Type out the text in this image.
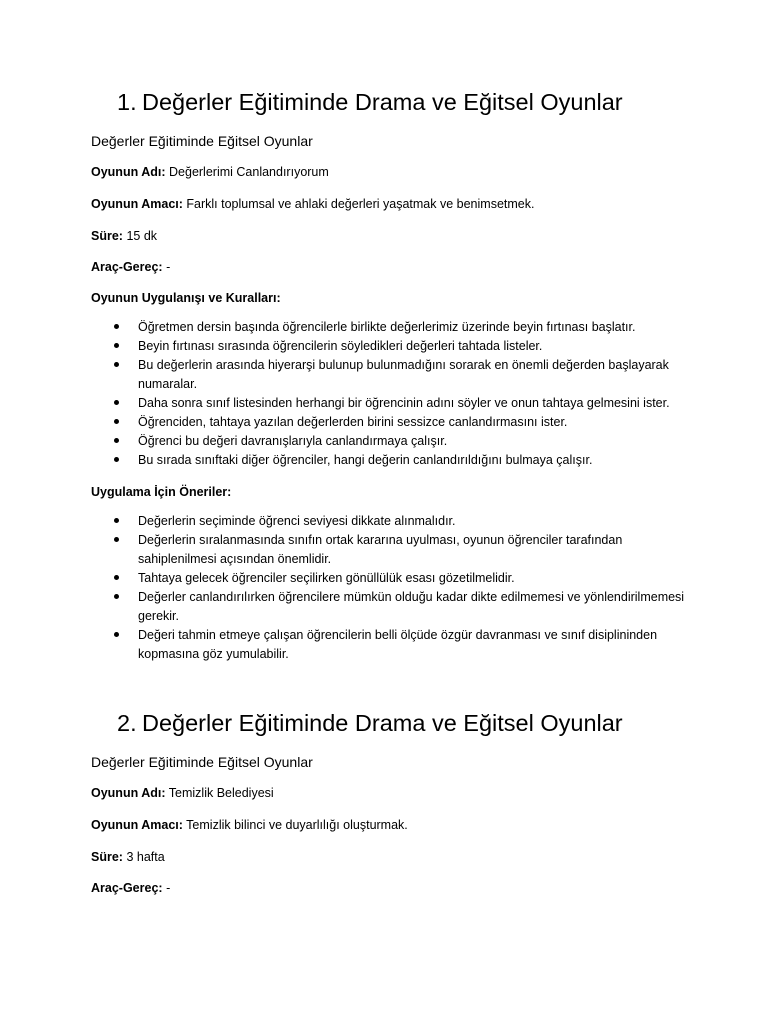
1. Değerler Eğitiminde Drama ve Eğitsel Oyunlar
Değerler Eğitiminde Eğitsel Oyunlar

Oyunun Adı: Değerlerimi Canlandırıyorum

Oyunun Amacı: Farklı toplumsal ve ahlaki değerleri yaşatmak ve benimsetmek.

Süre: 15 dk

Araç-Gereç: -

Oyunun Uygulanışı ve Kuralları:

Öğretmen dersin başında öğrencilerle birlikte değerlerimiz üzerinde beyin fırtınası başlatır.
Beyin fırtınası sırasında öğrencilerin söyledikleri değerleri tahtada listeler.
Bu değerlerin arasında hiyerarşi bulunup bulunmadığını sorarak en önemli değerden başlayarak numaralar.
Daha sonra sınıf listesinden herhangi bir öğrencinin adını söyler ve onun tahtaya gelmesini ister.
Öğrenciden, tahtaya yazılan değerlerden birini sessizce canlandırmasını ister.
Öğrenci bu değeri davranışlarıyla canlandırmaya çalışır.
Bu sırada sınıftaki diğer öğrenciler, hangi değerin canlandırıldığını bulmaya çalışır.

Uygulama İçin Öneriler:

Değerlerin seçiminde öğrenci seviyesi dikkate alınmalıdır.
Değerlerin sıralanmasında sınıfın ortak kararına uyulması, oyunun öğrenciler tarafından sahiplenilmesi açısından önemlidir.
Tahtaya gelecek öğrenciler seçilirken gönüllülük esası gözetilmelidir.
Değerler canlandırılırken öğrencilere mümkün olduğu kadar dikte edilmemesi ve yönlendirilmemesi gerekir.
Değeri tahmin etmeye çalışan öğrencilerin belli ölçüde özgür davranması ve sınıf disiplininden kopmasına göz yumulabilir.
2. Değerler Eğitiminde Drama ve Eğitsel Oyunlar
Değerler Eğitiminde Eğitsel Oyunlar

Oyunun Adı: Temizlik Belediyesi

Oyunun Amacı: Temizlik bilinci ve duyarlılığı oluşturmak.

Süre: 3 hafta

Araç-Gereç: -
